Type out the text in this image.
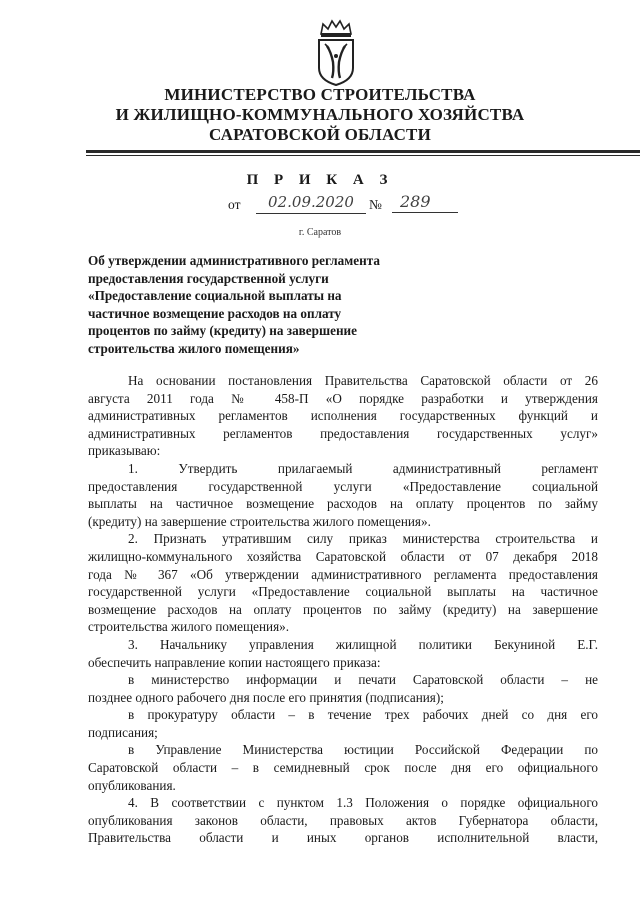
МИНИСТЕРСТВО СТРОИТЕЛЬСТВА
И ЖИЛИЩНО-КОММУНАЛЬНОГО ХОЗЯЙСТВА
САРАТОВСКОЙ ОБЛАСТИ
П Р И К А З
от	02.09.2020	№	289
г. Саратов
Об утверждении административного регламента
предоставления государственной услуги
«Предоставление социальной выплаты на
частичное возмещение расходов на оплату
процентов по займу (кредиту) на завершение
строительства жилого помещения»
На основании постановления Правительства Саратовской области от 26
августа 2011 года № 458-П «О порядке разработки и утверждения
административных регламентов исполнения государственных функций и
административных регламентов предоставления государственных услуг»
приказываю:
1. Утвердить прилагаемый административный регламент
предоставления государственной услуги «Предоставление социальной
выплаты на частичное возмещение расходов на оплату процентов по займу
(кредиту) на завершение строительства жилого помещения».
2. Признать утратившим силу приказ министерства строительства и
жилищно-коммунального хозяйства Саратовской области от 07 декабря 2018
года № 367 «Об утверждении административного регламента предоставления
государственной услуги «Предоставление социальной выплаты на частичное
возмещение расходов на оплату процентов по займу (кредиту) на завершение
строительства жилого помещения».
3. Начальнику управления жилищной политики Бекуниной Е.Г.
обеспечить направление копии настоящего приказа:
в министерство информации и печати Саратовской области – не
позднее одного рабочего дня после его принятия (подписания);
в прокуратуру области – в течение трех рабочих дней со дня его
подписания;
в Управление Министерства юстиции Российской Федерации по
Саратовской области – в семидневный срок после дня его официального
опубликования.
4. В соответствии с пунктом 1.3 Положения о порядке официального
опубликования законов области, правовых актов Губернатора области,
Правительства области и иных органов исполнительной власти,
